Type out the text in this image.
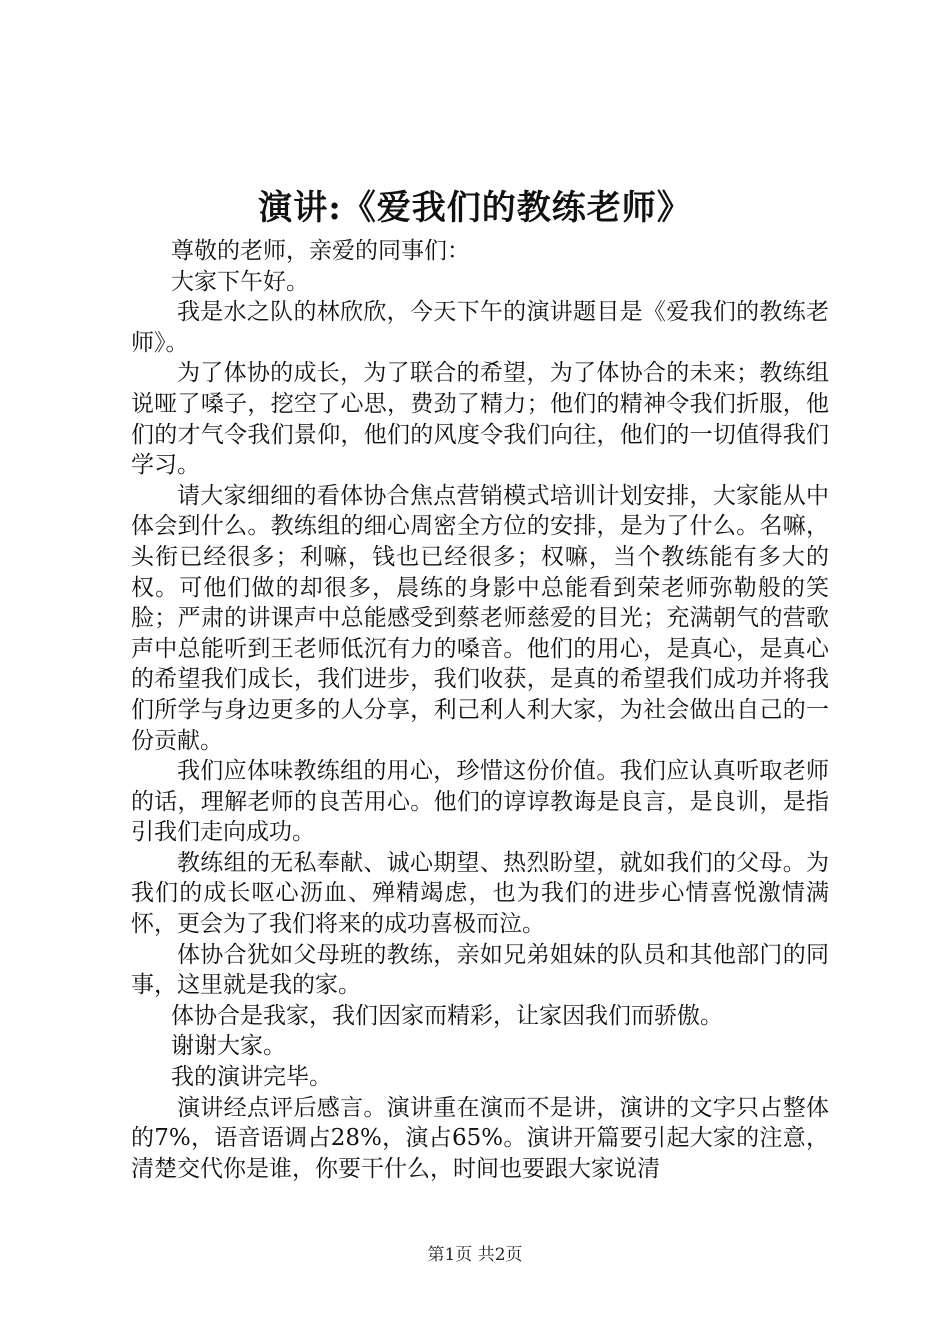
演讲:《爱我们的教练老师》

尊敬的老师，亲爱的同事们：

大家下午好。

我是水之队的林欣欣，今天下午的演讲题目是《爱我们的教练老师》。

为了体协的成长，为了联合的希望，为了体协合的未来；教练组说哑了嗓子，挖空了心思，费劲了精力；他们的精神令我们折服，他们的才气令我们景仰，他们的风度令我们向往，他们的一切值得我们学习。

请大家细细的看体协合焦点营销模式培训计划安排，大家能从中体会到什么。教练组的细心周密全方位的安排，是为了什么。名嘛，头衔已经很多；利嘛，钱也已经很多；权嘛，当个教练能有多大的权。可他们做的却很多，晨练的身影中总能看到荣老师弥勒般的笑脸；严肃的讲课声中总能感受到蔡老师慈爱的目光；充满朝气的营歌声中总能听到王老师低沉有力的嗓音。他们的用心，是真心，是真心的希望我们成长，我们进步，我们收获，是真的希望我们成功并将我们所学与身边更多的人分享，利己利人利大家，为社会做出自己的一份贡献。

我们应体味教练组的用心，珍惜这份价值。我们应认真听取老师的话，理解老师的良苦用心。他们的谆谆教诲是良言，是良训，是指引我们走向成功。

教练组的无私奉献、诚心期望、热烈盼望，就如我们的父母。为我们的成长呕心沥血、殚精竭虑，也为我们的进步心情喜悦激情满怀，更会为了我们将来的成功喜极而泣。

体协合犹如父母班的教练，亲如兄弟姐妹的队员和其他部门的同事，这里就是我的家。

体协合是我家，我们因家而精彩，让家因我们而骄傲。

谢谢大家。

我的演讲完毕。

演讲经点评后感言。演讲重在演而不是讲，演讲的文字只占整体的7%，语音语调占28%，演占65%。演讲开篇要引起大家的注意，清楚交代你是谁，你要干什么，时间也要跟大家说清

第1页 共2页
